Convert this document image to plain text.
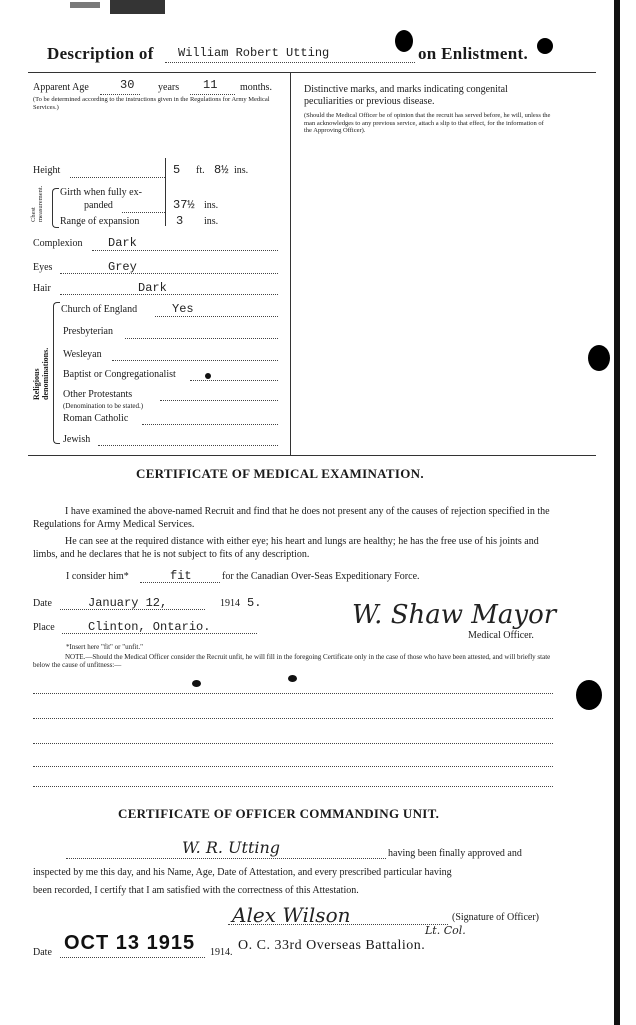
Description of William Robert Utting	on Enlistment.
Apparent Age	30 years 11 months.
(To be determined according to the instructions given in the Regulations for Army Medical Services.)
Height	5 ft. 8½ ins.
Chest measurement. Girth when fully ex-
panded	37½ ins.
Range of expansion	3 ins.
Complexion Dark
Eyes	Grey
Hair	Dark
Religious denominations.
Church of England	Yes
Presbyterian
Wesleyan
Baptist or Congregationalist
Other Protestants
(Denomination to be stated.)
Roman Catholic
Jewish
Distinctive marks, and marks indicating congenital peculiarities or previous disease.
(Should the Medical Officer be of opinion that the recruit has served before, he will, unless the man acknowledges to any previous service, attach a slip to that effect, for the information of the Approving Officer).
CERTIFICATE OF MEDICAL EXAMINATION.
I have examined the above-named Recruit and find that he does not present any of the causes of rejection specified in the Regulations for Army Medical Services.
He can see at the required distance with either eye; his heart and lungs are healthy; he has the free use of his joints and limbs, and he declares that he is not subject to fits of any description.
I consider him*	fit	for the Canadian Over-Seas Expeditionary Force.
Date	January 12,	1914 5.
Place	Clinton, Ontario.	W. Shaw Mayor
Medical Officer.
*Insert here "fit" or "unfit."
NOTE.—Should the Medical Officer consider the Recruit unfit, he will fill in the foregoing Certificate only in the case of those who have been attested, and will briefly state below the cause of unfitness:—
CERTIFICATE OF OFFICER COMMANDING UNIT.
W. R. Utting	having been finally approved and
inspected by me this day, and his Name, Age, Date of Attestation, and every prescribed particular having
been recorded, I certify that I am satisfied with the correctness of this Attestation.
Alex Wilson	(Signature of Officer)
Lt. Col.
Date OCT 13 1915 1914. O. C. 33rd Overseas Battalion.
